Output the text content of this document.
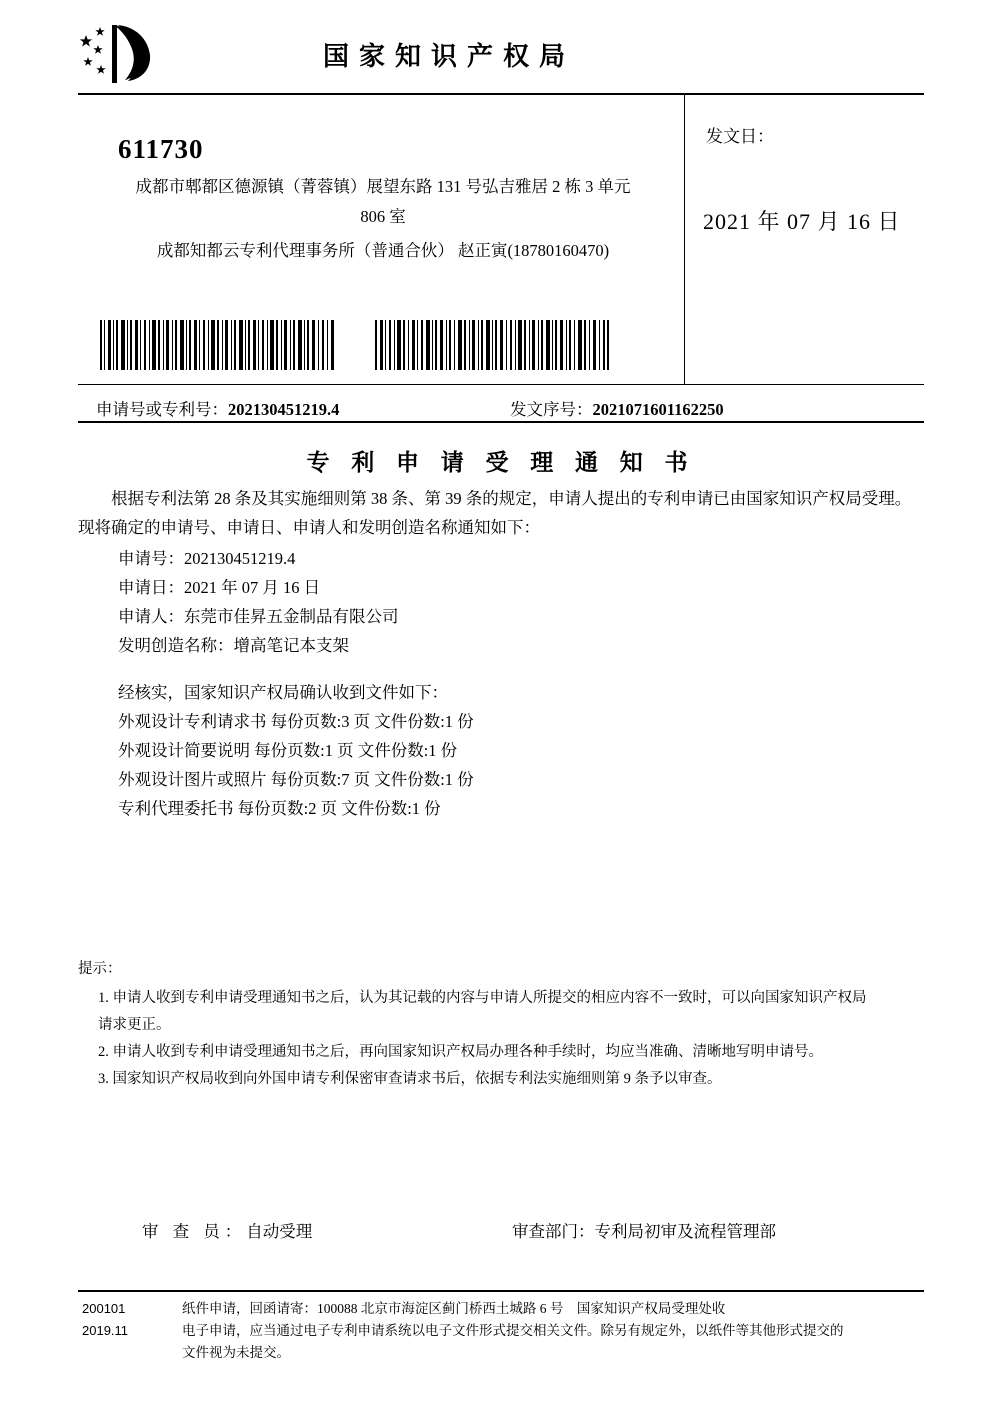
国家知识产权局
611730
成都市郫都区德源镇（菁蓉镇）展望东路 131 号弘吉雅居 2 栋 3 单元
806 室
成都知都云专利代理事务所（普通合伙） 赵正寅(18780160470)
发文日：
2021 年 07 月 16 日
申请号或专利号：202130451219.4	发文序号：2021071601162250
专 利 申 请 受 理 通 知 书

根据专利法第 28 条及其实施细则第 38 条、第 39 条的规定，申请人提出的专利申请已由国家知识产权局受理。现将确定的申请号、申请日、申请人和发明创造名称通知如下：

申请号：202130451219.4
申请日：2021 年 07 月 16 日
申请人：东莞市佳昇五金制品有限公司
发明创造名称：增高笔记本支架
经核实，国家知识产权局确认收到文件如下：
外观设计专利请求书 每份页数:3 页 文件份数:1 份
外观设计简要说明 每份页数:1 页 文件份数:1 份
外观设计图片或照片 每份页数:7 页 文件份数:1 份
专利代理委托书 每份页数:2 页 文件份数:1 份
提示：
1. 申请人收到专利申请受理通知书之后，认为其记载的内容与申请人所提交的相应内容不一致时，可以向国家知识产权局
请求更正。
2. 申请人收到专利申请受理通知书之后，再向国家知识产权局办理各种手续时，均应当准确、清晰地写明申请号。
3. 国家知识产权局收到向外国申请专利保密审查请求书后，依据专利法实施细则第 9 条予以审查。
审 查 员：自动受理	审查部门：专利局初审及流程管理部
200101	纸件申请，回函请寄：100088 北京市海淀区蓟门桥西土城路 6 号　国家知识产权局受理处收
2019.11	电子申请，应当通过电子专利申请系统以电子文件形式提交相关文件。除另有规定外，以纸件等其他形式提交的
文件视为未提交。
